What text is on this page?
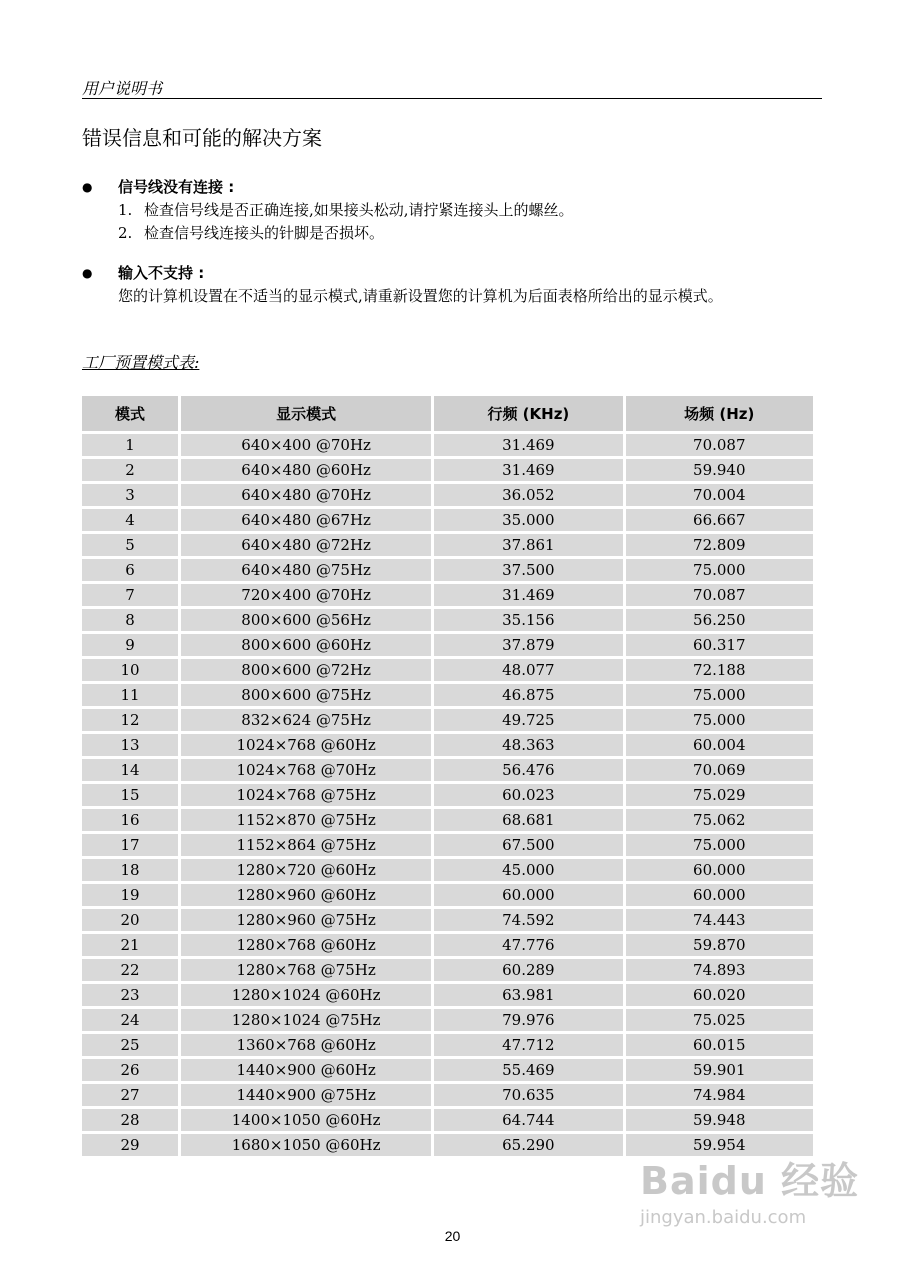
用户说明书
错误信息和可能的解决方案
●	信号线没有连接 :
1. 检查信号线是否正确连接,如果接头松动,请拧紧连接头上的螺丝。
2. 检查信号线连接头的针脚是否损坏。
●	输入不支持 :
您的计算机设置在不适当的显示模式,请重新设置您的计算机为后面表格所给出的显示模式。
工厂预置模式表:
模式	显示模式	行频 (KHz)	场频 (Hz)
1	640×400 @70Hz	31.469	70.087
2	640×480 @60Hz	31.469	59.940
3	640×480 @70Hz	36.052	70.004
4	640×480 @67Hz	35.000	66.667
5	640×480 @72Hz	37.861	72.809
6	640×480 @75Hz	37.500	75.000
7	720×400 @70Hz	31.469	70.087
8	800×600 @56Hz	35.156	56.250
9	800×600 @60Hz	37.879	60.317
10	800×600 @72Hz	48.077	72.188
11	800×600 @75Hz	46.875	75.000
12	832×624 @75Hz	49.725	75.000
13	1024×768 @60Hz	48.363	60.004
14	1024×768 @70Hz	56.476	70.069
15	1024×768 @75Hz	60.023	75.029
16	1152×870 @75Hz	68.681	75.062
17	1152×864 @75Hz	67.500	75.000
18	1280×720 @60Hz	45.000	60.000
19	1280×960 @60Hz	60.000	60.000
20	1280×960 @75Hz	74.592	74.443
21	1280×768 @60Hz	47.776	59.870
22	1280×768 @75Hz	60.289	74.893
23	1280×1024 @60Hz	63.981	60.020
24	1280×1024 @75Hz	79.976	75.025
25	1360×768 @60Hz	47.712	60.015
26	1440×900 @60Hz	55.469	59.901
27	1440×900 @75Hz	70.635	74.984
28	1400×1050 @60Hz	64.744	59.948
29	1680×1050 @60Hz	65.290	59.954
20
Baidu 经验
jingyan.baidu.com
